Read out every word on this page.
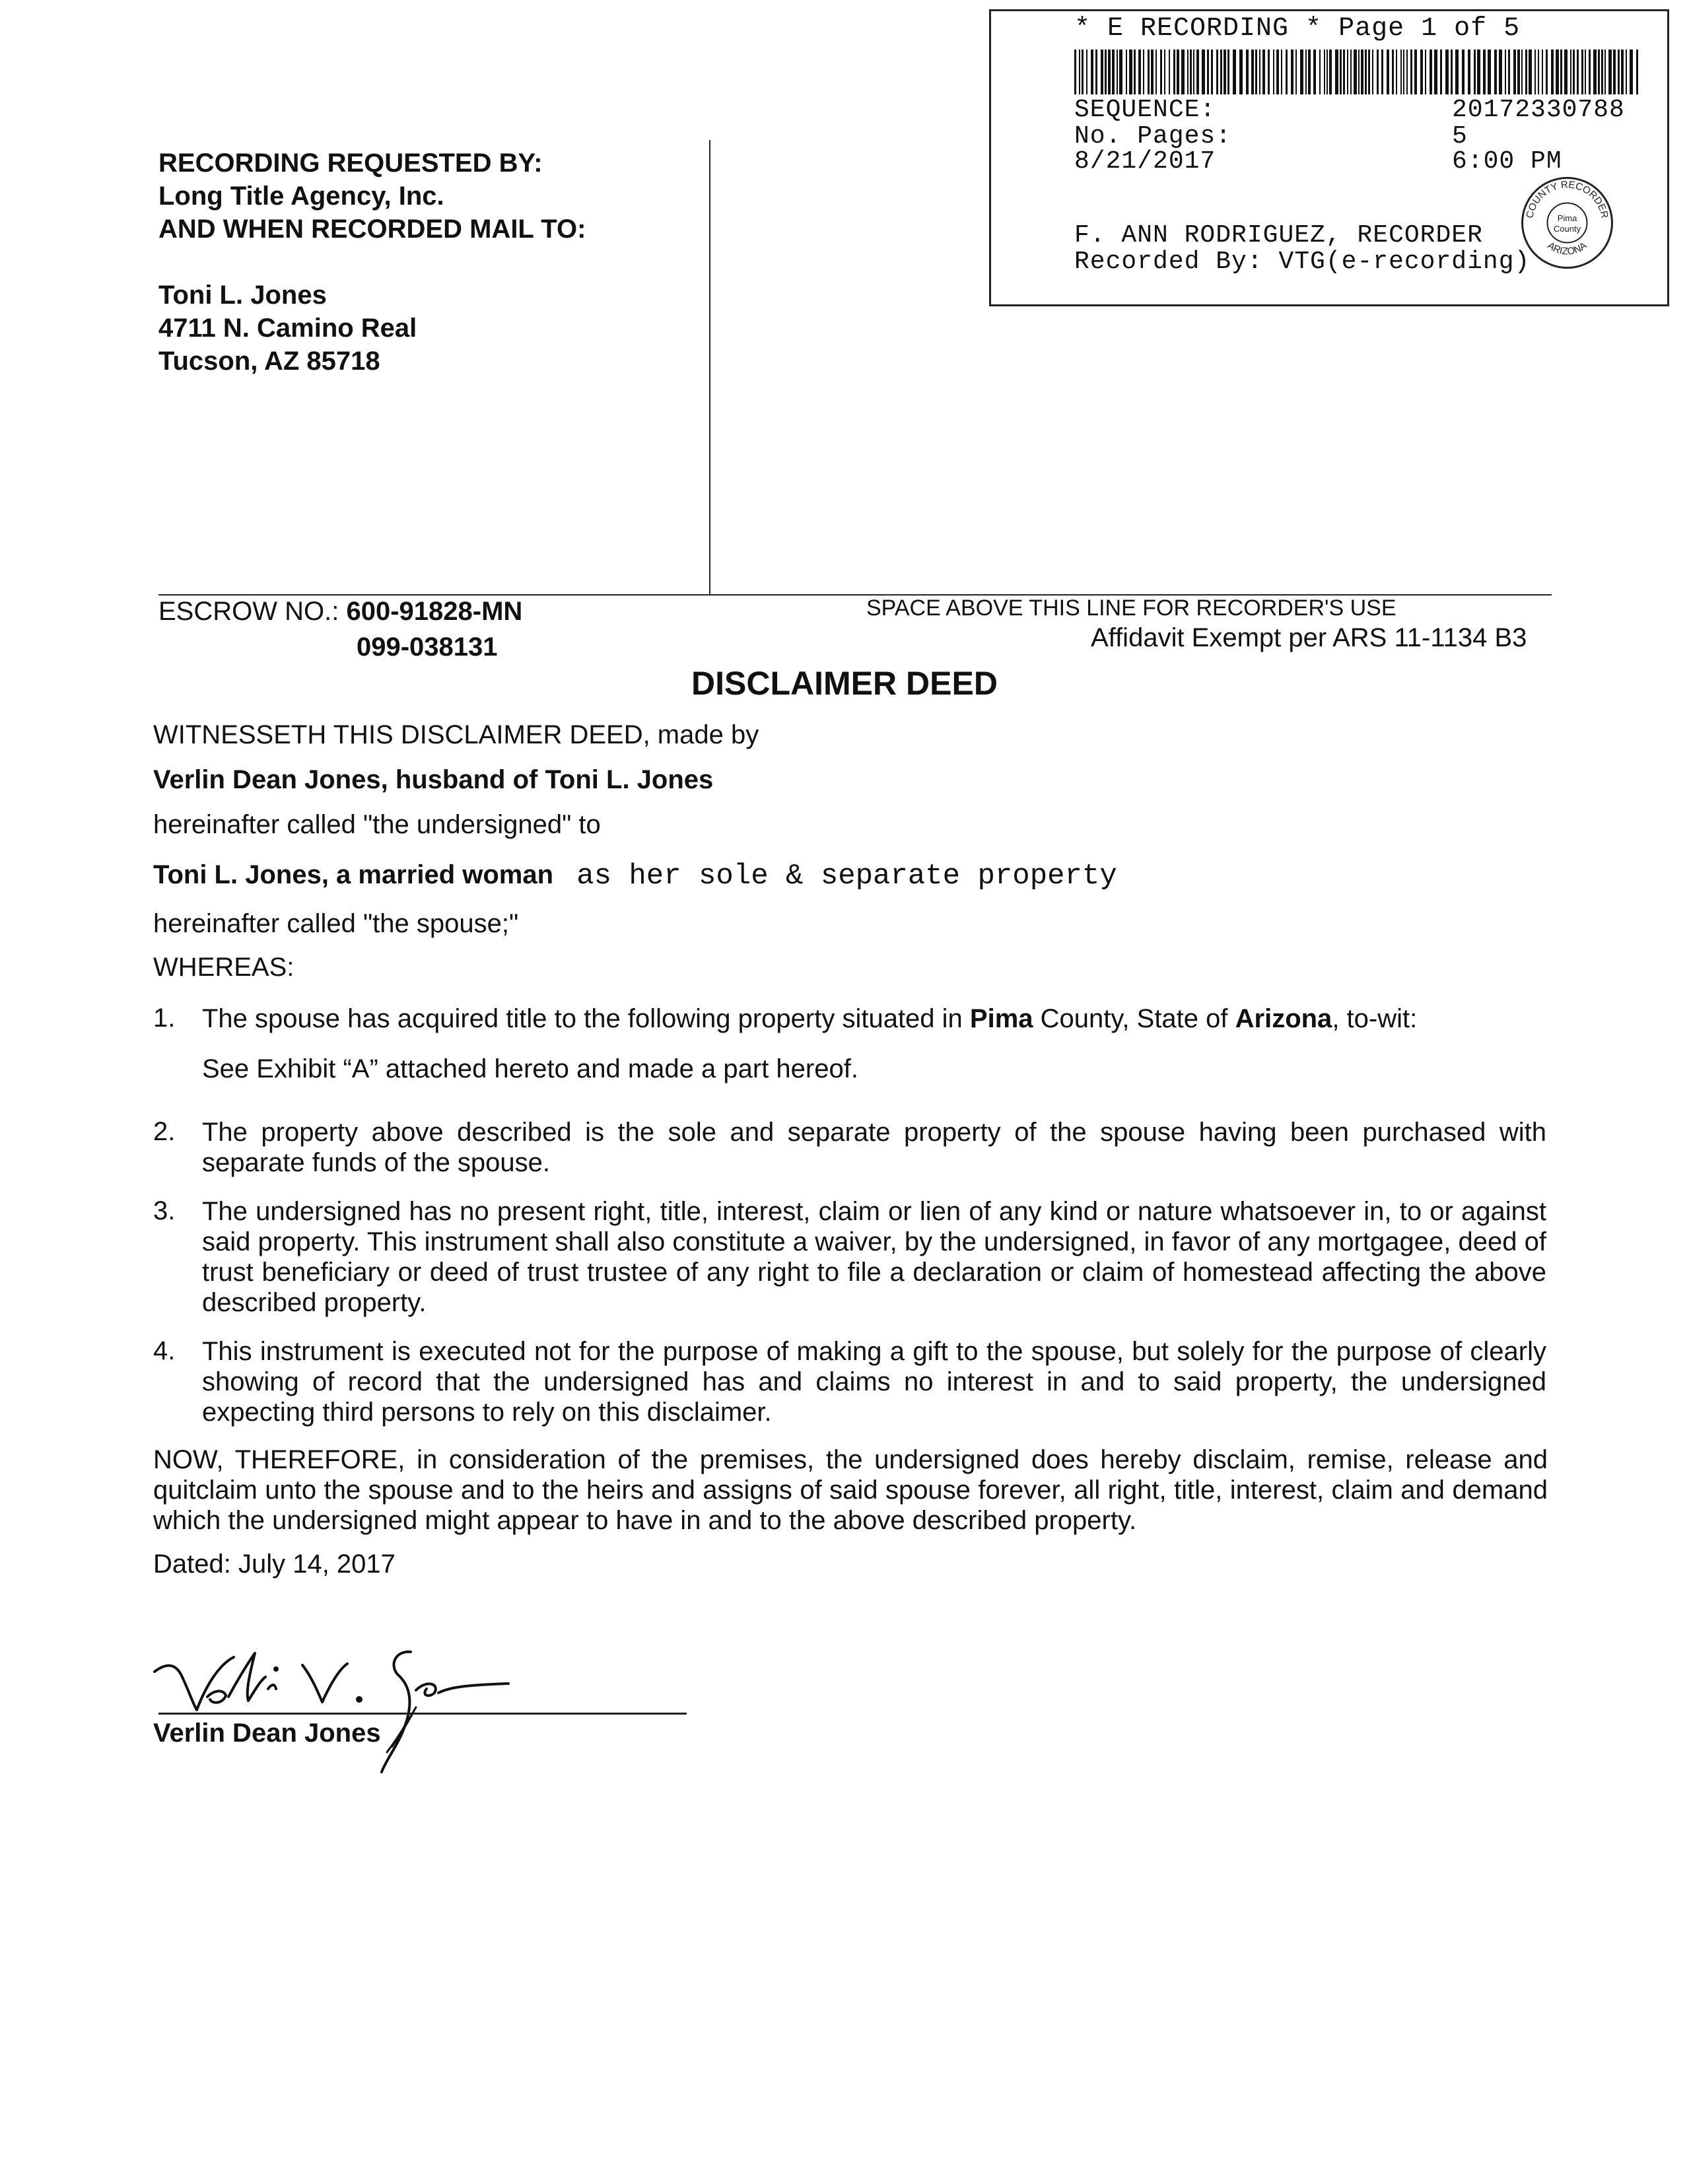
* E RECORDING * Page 1 of 5
SEQUENCE:	20172330788
No. Pages:	5
8/21/2017	6:00 PM
F. ANN RODRIGUEZ, RECORDER
Recorded By: VTG(e-recording)
COUNTY RECORDER
ARIZONA
Pima
County
RECORDING REQUESTED BY:
Long Title Agency, Inc.
AND WHEN RECORDED MAIL TO:
Toni L. Jones
4711 N. Camino Real
Tucson, AZ 85718
ESCROW NO.: 600-91828-MN
099-038131
SPACE ABOVE THIS LINE FOR RECORDER'S USE
Affidavit Exempt per ARS 11-1134 B3
DISCLAIMER DEED
WITNESSETH THIS DISCLAIMER DEED, made by
Verlin Dean Jones, husband of Toni L. Jones
hereinafter called "the undersigned" to
Toni L. Jones, a married woman as her sole & separate property
hereinafter called "the spouse;"
WHEREAS:
1. The spouse has acquired title to the following property situated in Pima County, State of Arizona, to-wit:
See Exhibit “A” attached hereto and made a part hereof.
2. The property above described is the sole and separate property of the spouse having been purchased with separate funds of the spouse.
3. The undersigned has no present right, title, interest, claim or lien of any kind or nature whatsoever in, to or against said property. This instrument shall also constitute a waiver, by the undersigned, in favor of any mortgagee, deed of trust beneficiary or deed of trust trustee of any right to file a declaration or claim of homestead affecting the above described property.
4. This instrument is executed not for the purpose of making a gift to the spouse, but solely for the purpose of clearly showing of record that the undersigned has and claims no interest in and to said property, the undersigned expecting third persons to rely on this disclaimer.
NOW, THEREFORE, in consideration of the premises, the undersigned does hereby disclaim, remise, release and quitclaim unto the spouse and to the heirs and assigns of said spouse forever, all right, title, interest, claim and demand which the undersigned might appear to have in and to the above described property.
Dated: July 14, 2017
Verlin Dean Jones
